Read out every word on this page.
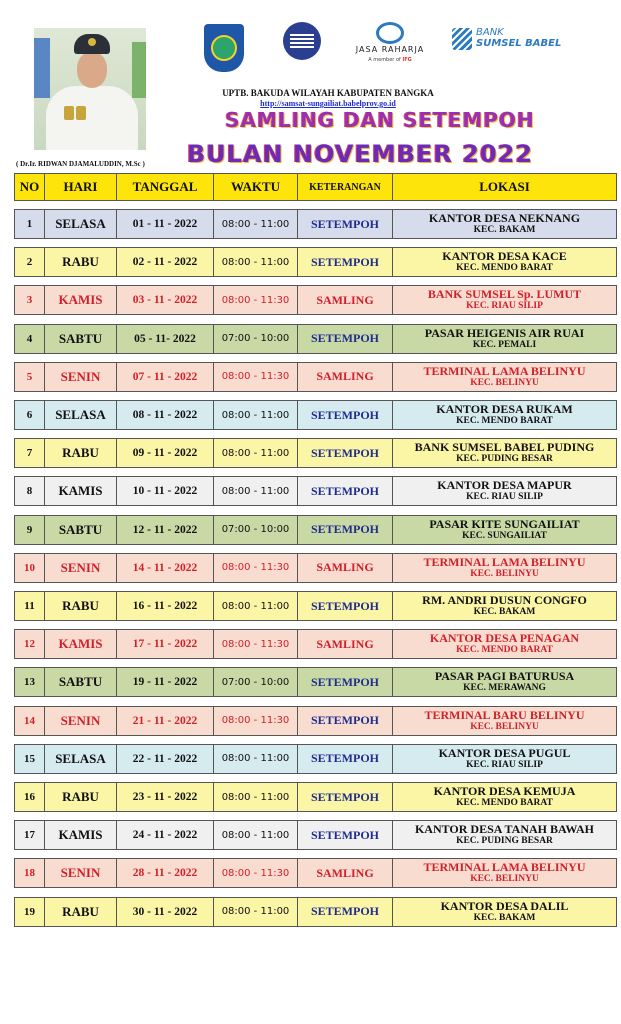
( Dr.Ir. RIDWAN DJAMALUDDIN, M.Sc )
JASA RAHARJA
A member of IFG
BANK
SUMSEL BABEL
UPTB. BAKUDA WILAYAH KABUPATEN BANGKA
http://samsat-sungailiat.babelprov.go.id
SAMLING DAN SETEMPOH
BULAN NOVEMBER 2022
NO	HARI	TANGGAL	WAKTU	KETERANGAN	LOKASI
1	SELASA	01 - 11 - 2022	08:00 - 11:00	SETEMPOH	KANTOR DESA NEKNANG
KEC. BAKAM
2	RABU	02 - 11 - 2022	08:00 - 11:00	SETEMPOH	KANTOR DESA KACE
KEC. MENDO BARAT
3	KAMIS	03 - 11 - 2022	08:00 - 11:30	SAMLING	BANK SUMSEL Sp. LUMUT
KEC. RIAU SILIP
4	SABTU	05 - 11- 2022	07:00 - 10:00	SETEMPOH	PASAR HEIGENIS AIR RUAI
KEC. PEMALI
5	SENIN	07 - 11 - 2022	08:00 - 11:30	SAMLING	TERMINAL LAMA BELINYU
KEC. BELINYU
6	SELASA	08 - 11 - 2022	08:00 - 11:00	SETEMPOH	KANTOR DESA RUKAM
KEC. MENDO BARAT
7	RABU	09 - 11 - 2022	08:00 - 11:00	SETEMPOH	BANK SUMSEL BABEL PUDING
KEC. PUDING BESAR
8	KAMIS	10 - 11 - 2022	08:00 - 11:00	SETEMPOH	KANTOR DESA MAPUR
KEC. RIAU SILIP
9	SABTU	12 - 11 - 2022	07:00 - 10:00	SETEMPOH	PASAR KITE SUNGAILIAT
KEC. SUNGAILIAT
10	SENIN	14 - 11 - 2022	08:00 - 11:30	SAMLING	TERMINAL LAMA BELINYU
KEC. BELINYU
11	RABU	16 - 11 - 2022	08:00 - 11:00	SETEMPOH	RM. ANDRI DUSUN CONGFO
KEC. BAKAM
12	KAMIS	17 - 11 - 2022	08:00 - 11:30	SAMLING	KANTOR DESA PENAGAN
KEC. MENDO BARAT
13	SABTU	19 - 11 - 2022	07:00 - 10:00	SETEMPOH	PASAR PAGI BATURUSA
KEC. MERAWANG
14	SENIN	21 - 11 - 2022	08:00 - 11:30	SETEMPOH	TERMINAL BARU BELINYU
KEC. BELINYU
15	SELASA	22 - 11 - 2022	08:00 - 11:00	SETEMPOH	KANTOR DESA PUGUL
KEC. RIAU SILIP
16	RABU	23 - 11 - 2022	08:00 - 11:00	SETEMPOH	KANTOR DESA KEMUJA
KEC. MENDO BARAT
17	KAMIS	24 - 11 - 2022	08:00 - 11:00	SETEMPOH	KANTOR DESA TANAH BAWAH
KEC. PUDING BESAR
18	SENIN	28 - 11 - 2022	08:00 - 11:30	SAMLING	TERMINAL LAMA BELINYU
KEC. BELINYU
19	RABU	30 - 11 - 2022	08:00 - 11:00	SETEMPOH	KANTOR DESA DALIL
KEC. BAKAM
